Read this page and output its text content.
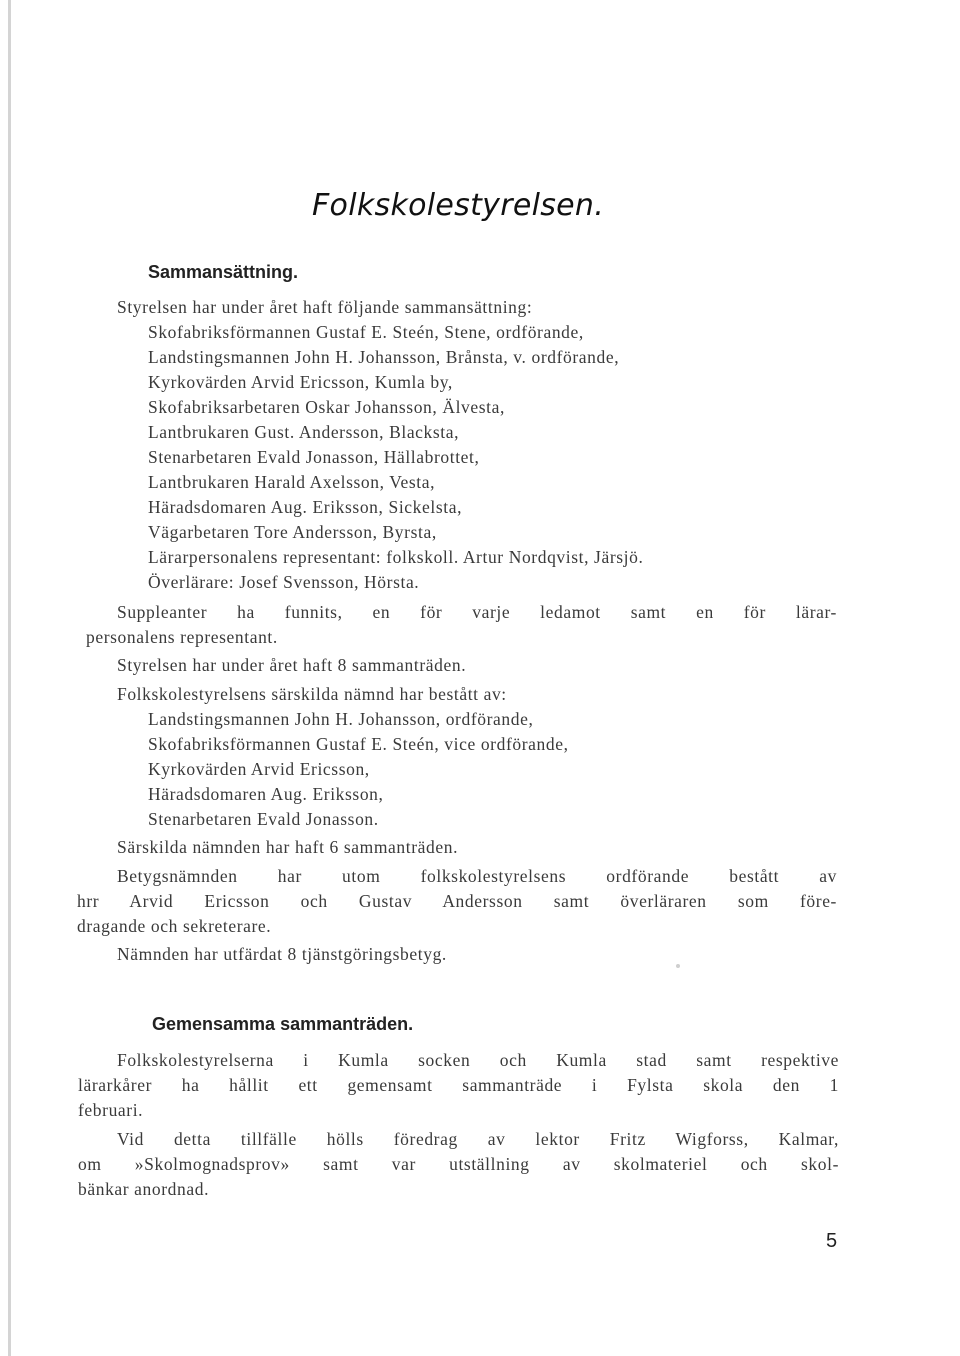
Folkskolestyrelsen.
Sammansättning.
Styrelsen har under året haft följande sammansättning:
Skofabriksförmannen Gustaf E. Steén, Stene, ordförande,
Landstingsmannen John H. Johansson, Brånsta, v. ordförande,
Kyrkovärden Arvid Ericsson, Kumla by,
Skofabriksarbetaren Oskar Johansson, Älvesta,
Lantbrukaren Gust. Andersson, Blacksta,
Stenarbetaren Evald Jonasson, Hällabrottet,
Lantbrukaren Harald Axelsson, Vesta,
Häradsdomaren Aug. Eriksson, Sickelsta,
Vägarbetaren Tore Andersson, Byrsta,
Lärarpersonalens representant: folkskoll. Artur Nordqvist, Järsjö.
Överlärare: Josef Svensson, Hörsta.
Suppleanter ha funnits, en för varje ledamot samt en för lärar-
personalens representant.
Styrelsen har under året haft 8 sammanträden.
Folkskolestyrelsens särskilda nämnd har bestått av:
Landstingsmannen John H. Johansson, ordförande,
Skofabriksförmannen Gustaf E. Steén, vice ordförande,
Kyrkovärden Arvid Ericsson,
Häradsdomaren Aug. Eriksson,
Stenarbetaren Evald Jonasson.
Särskilda nämnden har haft 6 sammanträden.
Betygsnämnden har utom folkskolestyrelsens ordförande bestått av
hrr Arvid Ericsson och Gustav Andersson samt överläraren som före-
dragande och sekreterare.
Nämnden har utfärdat 8 tjänstgöringsbetyg.
Gemensamma sammanträden.
Folkskolestyrelserna i Kumla socken och Kumla stad samt respektive
lärarkårer ha hållit ett gemensamt sammanträde i Fylsta skola den 1
februari.
Vid detta tillfälle hölls föredrag av lektor Fritz Wigforss, Kalmar,
om »Skolmognadsprov» samt var utställning av skolmateriel och skol-
bänkar anordnad.
5
